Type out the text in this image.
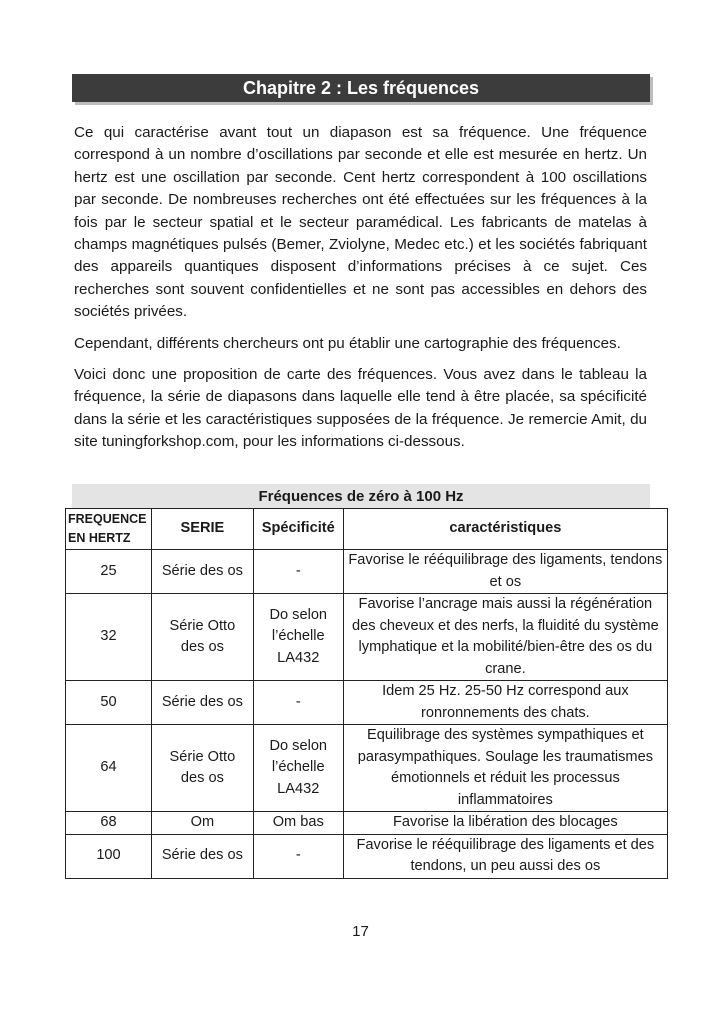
Chapitre 2 : Les fréquences

Ce qui caractérise avant tout un diapason est sa fréquence. Une fréquence correspond à un nombre d’oscillations par seconde et elle est mesurée en hertz. Un hertz est une oscillation par seconde. Cent hertz correspondent à 100 oscillations par seconde. De nombreuses recherches ont été effectuées sur les fréquences à la fois par le secteur spatial et le secteur paramédical. Les fabricants de matelas à champs magnétiques pulsés (Bemer, Zviolyne, Medec etc.) et les sociétés fabriquant des appareils quantiques disposent d’informations précises à ce sujet. Ces recherches sont souvent confidentielles et ne sont pas accessibles en dehors des sociétés privées.

Cependant, différents chercheurs ont pu établir une cartographie des fréquences.

Voici donc une proposition de carte des fréquences. Vous avez dans le tableau la fréquence, la série de diapasons dans laquelle elle tend à être placée, sa spécificité dans la série et les caractéristiques supposées de la fréquence. Je remercie Amit, du site tuningforkshop.com, pour les informations ci-dessous.

Fréquences de zéro à 100 Hz
FREQUENCE
EN HERTZ	SERIE	Spécificité	caractéristiques
25	Série des os	-	Favorise le rééquilibrage des ligaments, tendons et os
32	Série Otto des os	Do selon l’échelle LA432	Favorise l’ancrage mais aussi la régénération des cheveux et des nerfs, la fluidité du système lymphatique et la mobilité/bien-être des os du crane.
50	Série des os	-	Idem 25 Hz. 25-50 Hz correspond aux ronronnements des chats.
64	Série Otto des os	Do selon l’échelle LA432	Equilibrage des systèmes sympathiques et parasympathiques. Soulage les traumatismes émotionnels et réduit les processus inflammatoires
68	Om	Om bas	Favorise la libération des blocages
100	Série des os	-	Favorise le rééquilibrage des ligaments et des tendons, un peu aussi des os
17
